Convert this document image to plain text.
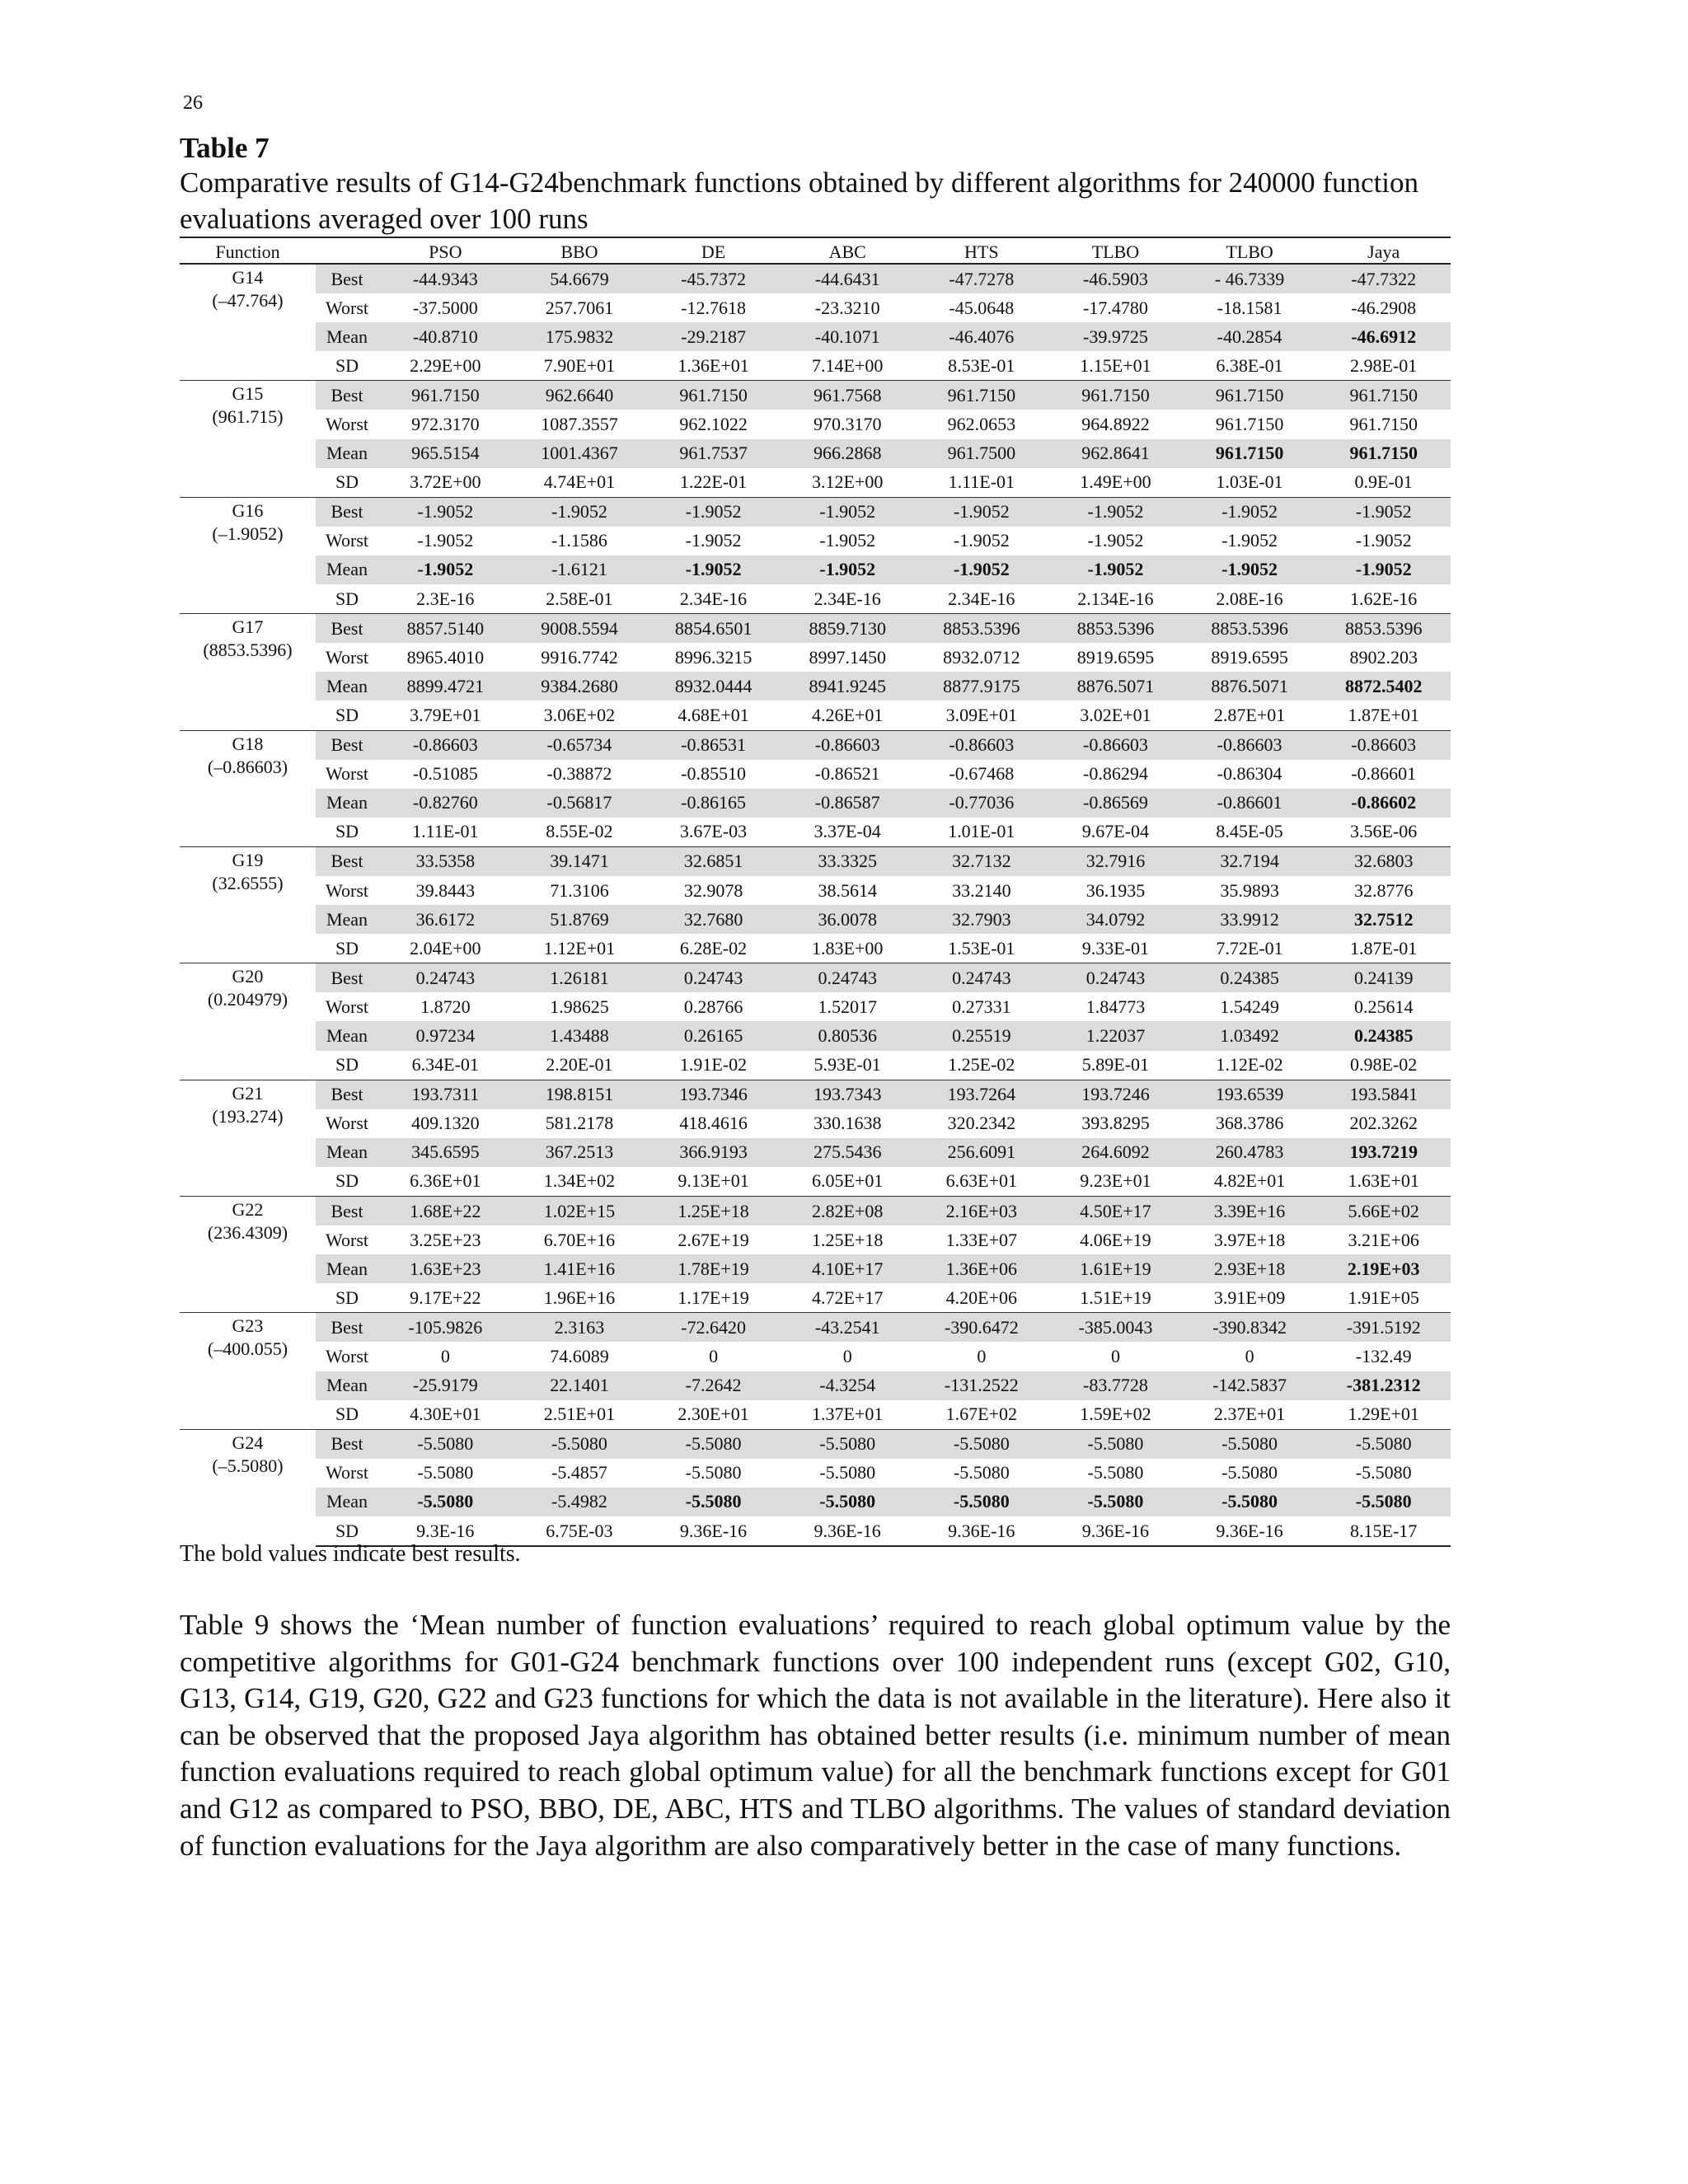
26
Table 7
Comparative results of G14-G24benchmark functions obtained by different algorithms for 240000 function evaluations averaged over 100 runs
Function		PSO	BBO	DE	ABC	HTS	TLBO	TLBO	Jaya

G14
(–47.764)	Best	-44.9343	54.6679	-45.7372	-44.6431	-47.7278	-46.5903	- 46.7339	-47.7322
	Worst	-37.5000	257.7061	-12.7618	-23.3210	-45.0648	-17.4780	-18.1581	-46.2908
	Mean	-40.8710	175.9832	-29.2187	-40.1071	-46.4076	-39.9725	-40.2854	-46.6912
	SD	2.29E+00	7.90E+01	1.36E+01	7.14E+00	8.53E-01	1.15E+01	6.38E-01	2.98E-01

G15
(961.715)	Best	961.7150	962.6640	961.7150	961.7568	961.7150	961.7150	961.7150	961.7150
	Worst	972.3170	1087.3557	962.1022	970.3170	962.0653	964.8922	961.7150	961.7150
	Mean	965.5154	1001.4367	961.7537	966.2868	961.7500	962.8641	961.7150	961.7150
	SD	3.72E+00	4.74E+01	1.22E-01	3.12E+00	1.11E-01	1.49E+00	1.03E-01	0.9E-01

G16
(–1.9052)	Best	-1.9052	-1.9052	-1.9052	-1.9052	-1.9052	-1.9052	-1.9052	-1.9052
	Worst	-1.9052	-1.1586	-1.9052	-1.9052	-1.9052	-1.9052	-1.9052	-1.9052
	Mean	-1.9052	-1.6121	-1.9052	-1.9052	-1.9052	-1.9052	-1.9052	-1.9052
	SD	2.3E-16	2.58E-01	2.34E-16	2.34E-16	2.34E-16	2.134E-16	2.08E-16	1.62E-16

G17
(8853.5396)	Best	8857.5140	9008.5594	8854.6501	8859.7130	8853.5396	8853.5396	8853.5396	8853.5396
	Worst	8965.4010	9916.7742	8996.3215	8997.1450	8932.0712	8919.6595	8919.6595	8902.203
	Mean	8899.4721	9384.2680	8932.0444	8941.9245	8877.9175	8876.5071	8876.5071	8872.5402
	SD	3.79E+01	3.06E+02	4.68E+01	4.26E+01	3.09E+01	3.02E+01	2.87E+01	1.87E+01

G18
(–0.86603)	Best	-0.86603	-0.65734	-0.86531	-0.86603	-0.86603	-0.86603	-0.86603	-0.86603
	Worst	-0.51085	-0.38872	-0.85510	-0.86521	-0.67468	-0.86294	-0.86304	-0.86601
	Mean	-0.82760	-0.56817	-0.86165	-0.86587	-0.77036	-0.86569	-0.86601	-0.86602
	SD	1.11E-01	8.55E-02	3.67E-03	3.37E-04	1.01E-01	9.67E-04	8.45E-05	3.56E-06

G19
(32.6555)	Best	33.5358	39.1471	32.6851	33.3325	32.7132	32.7916	32.7194	32.6803
	Worst	39.8443	71.3106	32.9078	38.5614	33.2140	36.1935	35.9893	32.8776
	Mean	36.6172	51.8769	32.7680	36.0078	32.7903	34.0792	33.9912	32.7512
	SD	2.04E+00	1.12E+01	6.28E-02	1.83E+00	1.53E-01	9.33E-01	7.72E-01	1.87E-01

G20
(0.204979)	Best	0.24743	1.26181	0.24743	0.24743	0.24743	0.24743	0.24385	0.24139
	Worst	1.8720	1.98625	0.28766	1.52017	0.27331	1.84773	1.54249	0.25614
	Mean	0.97234	1.43488	0.26165	0.80536	0.25519	1.22037	1.03492	0.24385
	SD	6.34E-01	2.20E-01	1.91E-02	5.93E-01	1.25E-02	5.89E-01	1.12E-02	0.98E-02

G21
(193.274)	Best	193.7311	198.8151	193.7346	193.7343	193.7264	193.7246	193.6539	193.5841
	Worst	409.1320	581.2178	418.4616	330.1638	320.2342	393.8295	368.3786	202.3262
	Mean	345.6595	367.2513	366.9193	275.5436	256.6091	264.6092	260.4783	193.7219
	SD	6.36E+01	1.34E+02	9.13E+01	6.05E+01	6.63E+01	9.23E+01	4.82E+01	1.63E+01

G22
(236.4309)	Best	1.68E+22	1.02E+15	1.25E+18	2.82E+08	2.16E+03	4.50E+17	3.39E+16	5.66E+02
	Worst	3.25E+23	6.70E+16	2.67E+19	1.25E+18	1.33E+07	4.06E+19	3.97E+18	3.21E+06
	Mean	1.63E+23	1.41E+16	1.78E+19	4.10E+17	1.36E+06	1.61E+19	2.93E+18	2.19E+03
	SD	9.17E+22	1.96E+16	1.17E+19	4.72E+17	4.20E+06	1.51E+19	3.91E+09	1.91E+05

G23
(–400.055)	Best	-105.9826	2.3163	-72.6420	-43.2541	-390.6472	-385.0043	-390.8342	-391.5192
	Worst	0	74.6089	0	0	0	0	0	-132.49
	Mean	-25.9179	22.1401	-7.2642	-4.3254	-131.2522	-83.7728	-142.5837	-381.2312
	SD	4.30E+01	2.51E+01	2.30E+01	1.37E+01	1.67E+02	1.59E+02	2.37E+01	1.29E+01

G24
(–5.5080)	Best	-5.5080	-5.5080	-5.5080	-5.5080	-5.5080	-5.5080	-5.5080	-5.5080
	Worst	-5.5080	-5.4857	-5.5080	-5.5080	-5.5080	-5.5080	-5.5080	-5.5080
	Mean	-5.5080	-5.4982	-5.5080	-5.5080	-5.5080	-5.5080	-5.5080	-5.5080
	SD	9.3E-16	6.75E-03	9.36E-16	9.36E-16	9.36E-16	9.36E-16	9.36E-16	8.15E-17
The bold values indicate best results.
Table 9 shows the ‘Mean number of function evaluations’ required to reach global optimum value by the competitive algorithms for G01-G24 benchmark functions over 100 independent runs (except G02, G10, G13, G14, G19, G20, G22 and G23 functions for which the data is not available in the literature). Here also it can be observed that the proposed Jaya algorithm has obtained better results (i.e. minimum number of mean function evaluations required to reach global optimum value) for all the benchmark functions except for G01 and G12 as compared to PSO, BBO, DE, ABC, HTS and TLBO algorithms. The values of standard deviation of function evaluations for the Jaya algorithm are also comparatively better in the case of many functions.
